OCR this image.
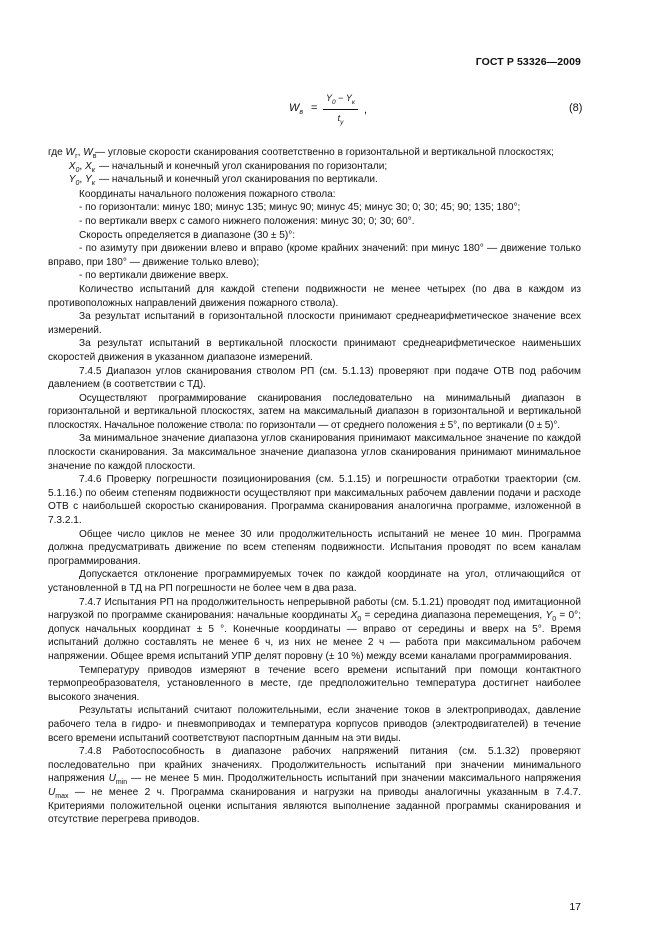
ГОСТ Р 53326—2009
$W_в$ =
$Y_0 - Y_к$
$t_y$
,	(8)
где $W_г$, $W_в$
— угловые скорости сканирования соответственно в горизонтальной и вертикальной плоскостях;
$X_0$, $X_к$ — начальный и конечный угол сканирования по горизонтали;
$Y_0$, $Y_к$ — начальный и конечный угол сканирования по вертикали.

Координаты начального положения пожарного ствола:

- по горизонтали: минус 180; минус 135; минус 90; минус 45; минус 30; 0; 30; 45; 90; 135; 180°;

- по вертикали вверх с самого нижнего положения: минус 30; 0; 30; 60°.

Скорость определяется в диапазоне (30 ± 5)°:

- по азимуту при движении влево и вправо (кроме крайних значений: при минус 180° — движение только вправо, при 180° — движение только влево);

- по вертикали движение вверх.

Количество испытаний для каждой степени подвижности не менее четырех (по два в каждом из противоположных направлений движения пожарного ствола).

За результат испытаний в горизонтальной плоскости принимают среднеарифметическое значение всех измерений.

За результат испытаний в вертикальной плоскости принимают среднеарифметическое наименьших скоростей движения в указанном диапазоне измерений.

7.4.5 Диапазон углов сканирования стволом РП (см. 5.1.13) проверяют при подаче ОТВ под рабочим давлением (в соответствии с ТД).

Осуществляют программирование сканирования последовательно на минимальный диапазон в горизонтальной и вертикальной плоскостях, затем на максимальный диапазон в горизонтальной и вертикальной плоскостях. Начальное положение ствола: по горизонтали — от среднего положения ± 5°, по вертикали (0 ± 5)°.

За минимальное значение диапазона углов сканирования принимают максимальное значение по каждой плоскости сканирования. За максимальное значение диапазона углов сканирования принимают минимальное значение по каждой плоскости.

7.4.6 Проверку погрешности позиционирования (см. 5.1.15) и погрешности отработки траектории (см. 5.1.16.) по обеим степеням подвижности осуществляют при максимальных рабочем давлении подачи и расходе ОТВ с наибольшей скоростью сканирования. Программа сканирования аналогична программе, изложенной в 7.3.2.1.

Общее число циклов не менее 30 или продолжительность испытаний не менее 10 мин. Программа должна предусматривать движение по всем степеням подвижности. Испытания проводят по всем каналам программирования.

Допускается отклонение программируемых точек по каждой координате на угол, отличающийся от установленной в ТД на РП погрешности не более чем в два раза.

7.4.7 Испытания РП на продолжительность непрерывной работы (см. 5.1.21) проводят под имитационной нагрузкой по программе сканирования: начальные координаты $X_0$ = середина диапазона перемещения, $Y_0 = 0^\circ$; допуск начальных координат ± 5 °. Конечные координаты — вправо от середины и вверх на 5°. Время испытаний должно составлять не менее 6 ч, из них не менее 2 ч — работа при максимальном рабочем напряжении. Общее время испытаний УПР делят поровну (± 10 %) между всеми каналами программирования.

Температуру приводов измеряют в течение всего времени испытаний при помощи контактного термопреобразователя, установленного в месте, где предположительно температура достигнет наиболее высокого значения.

Результаты испытаний считают положительными, если значение токов в электроприводах, давление рабочего тела в гидро- и пневмоприводах и температура корпусов приводов (электродвигателей) в течение всего времени испытаний соответствуют паспортным данным на эти виды.

7.4.8 Работоспособность в диапазоне рабочих напряжений питания (см. 5.1.32) проверяют последовательно при крайних значениях. Продолжительность испытаний при значении минимального напряжения $U_{min}$ — не менее 5 мин. Продолжительность испытаний при значении максимального напряжения $U_{max}$ — не менее 2 ч. Программа сканирования и нагрузки на приводы аналогичны указанным в 7.4.7. Критериями положительной оценки испытания являются выполнение заданной программы сканирования и отсутствие перегрева приводов.

17
